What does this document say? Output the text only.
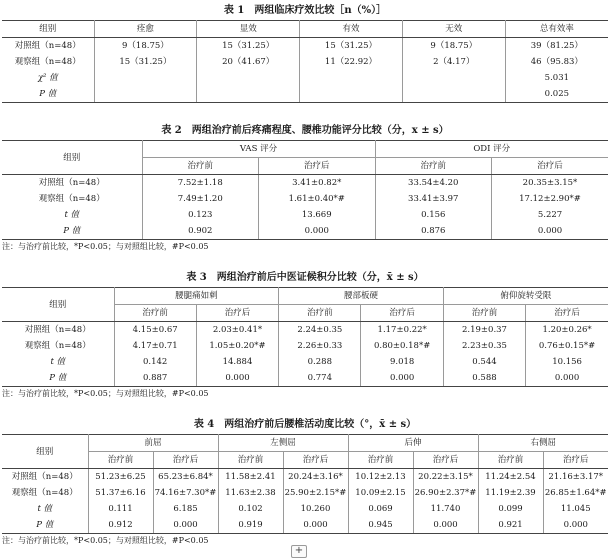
表 1　两组临床疗效比较［n（%）］
组别	痊愈	显效	有效	无效	总有效率
对照组（n=48）	9（18.75）	15（31.25）	15（31.25）	9（18.75）	39（81.25）
观察组（n=48）	15（31.25）	20（41.67）	11（22.92）	2（4.17）	46（95.83）
χ² 值					5.031
P 值					0.025
表 2　两组治疗前后疼痛程度、腰椎功能评分比较（分，x ± s）
组别	VAS 评分		ODI 评分	
	治疗前	治疗后	治疗前	治疗后
对照组（n=48）	7.52±1.18	3.41±0.82*	33.54±4.20	20.35±3.15*
观察组（n=48）	7.49±1.20	1.61±0.40*#	33.41±3.97	17.12±2.90*#
t 值	0.123	13.669	0.156	5.227
P 值	0.902	0.000	0.876	0.000
注：与治疗前比较，*P<0.05；与对照组比较，#P<0.05
表 3　两组治疗前后中医证候积分比较（分，x̄ ± s）
组别	腰腿痛如刺		腰部板硬		俯仰旋转受限	
	治疗前	治疗后	治疗前	治疗后	治疗前	治疗后
对照组（n=48）	4.15±0.67	2.03±0.41*	2.24±0.35	1.17±0.22*	2.19±0.37	1.20±0.26*
观察组（n=48）	4.17±0.71	1.05±0.20*#	2.26±0.33	0.80±0.18*#	2.23±0.35	0.76±0.15*#
t 值	0.142	14.884	0.288	9.018	0.544	10.156
P 值	0.887	0.000	0.774	0.000	0.588	0.000
注：与治疗前比较，*P<0.05；与对照组比较，#P<0.05
表 4　两组治疗前后腰椎活动度比较（°，x̄ ± s）
组别	前屈		左侧屈		后伸		右侧屈	
	治疗前	治疗后	治疗前	治疗后	治疗前	治疗后	治疗前	治疗后
对照组（n=48）	51.23±6.25	65.23±6.84*	11.58±2.41	20.24±3.16*	10.12±2.13	20.22±3.15*	11.24±2.54	21.16±3.17*
观察组（n=48）	51.37±6.16	74.16±7.30*#	11.63±2.38	25.90±2.15*#	10.09±2.15	26.90±2.37*#	11.19±2.39	26.85±1.64*#
t 值	0.111	6.185	0.102	10.260	0.069	11.740	0.099	11.045
P 值	0.912	0.000	0.919	0.000	0.945	0.000	0.921	0.000
注：与治疗前比较，*P<0.05；与对照组比较，#P<0.05
+
